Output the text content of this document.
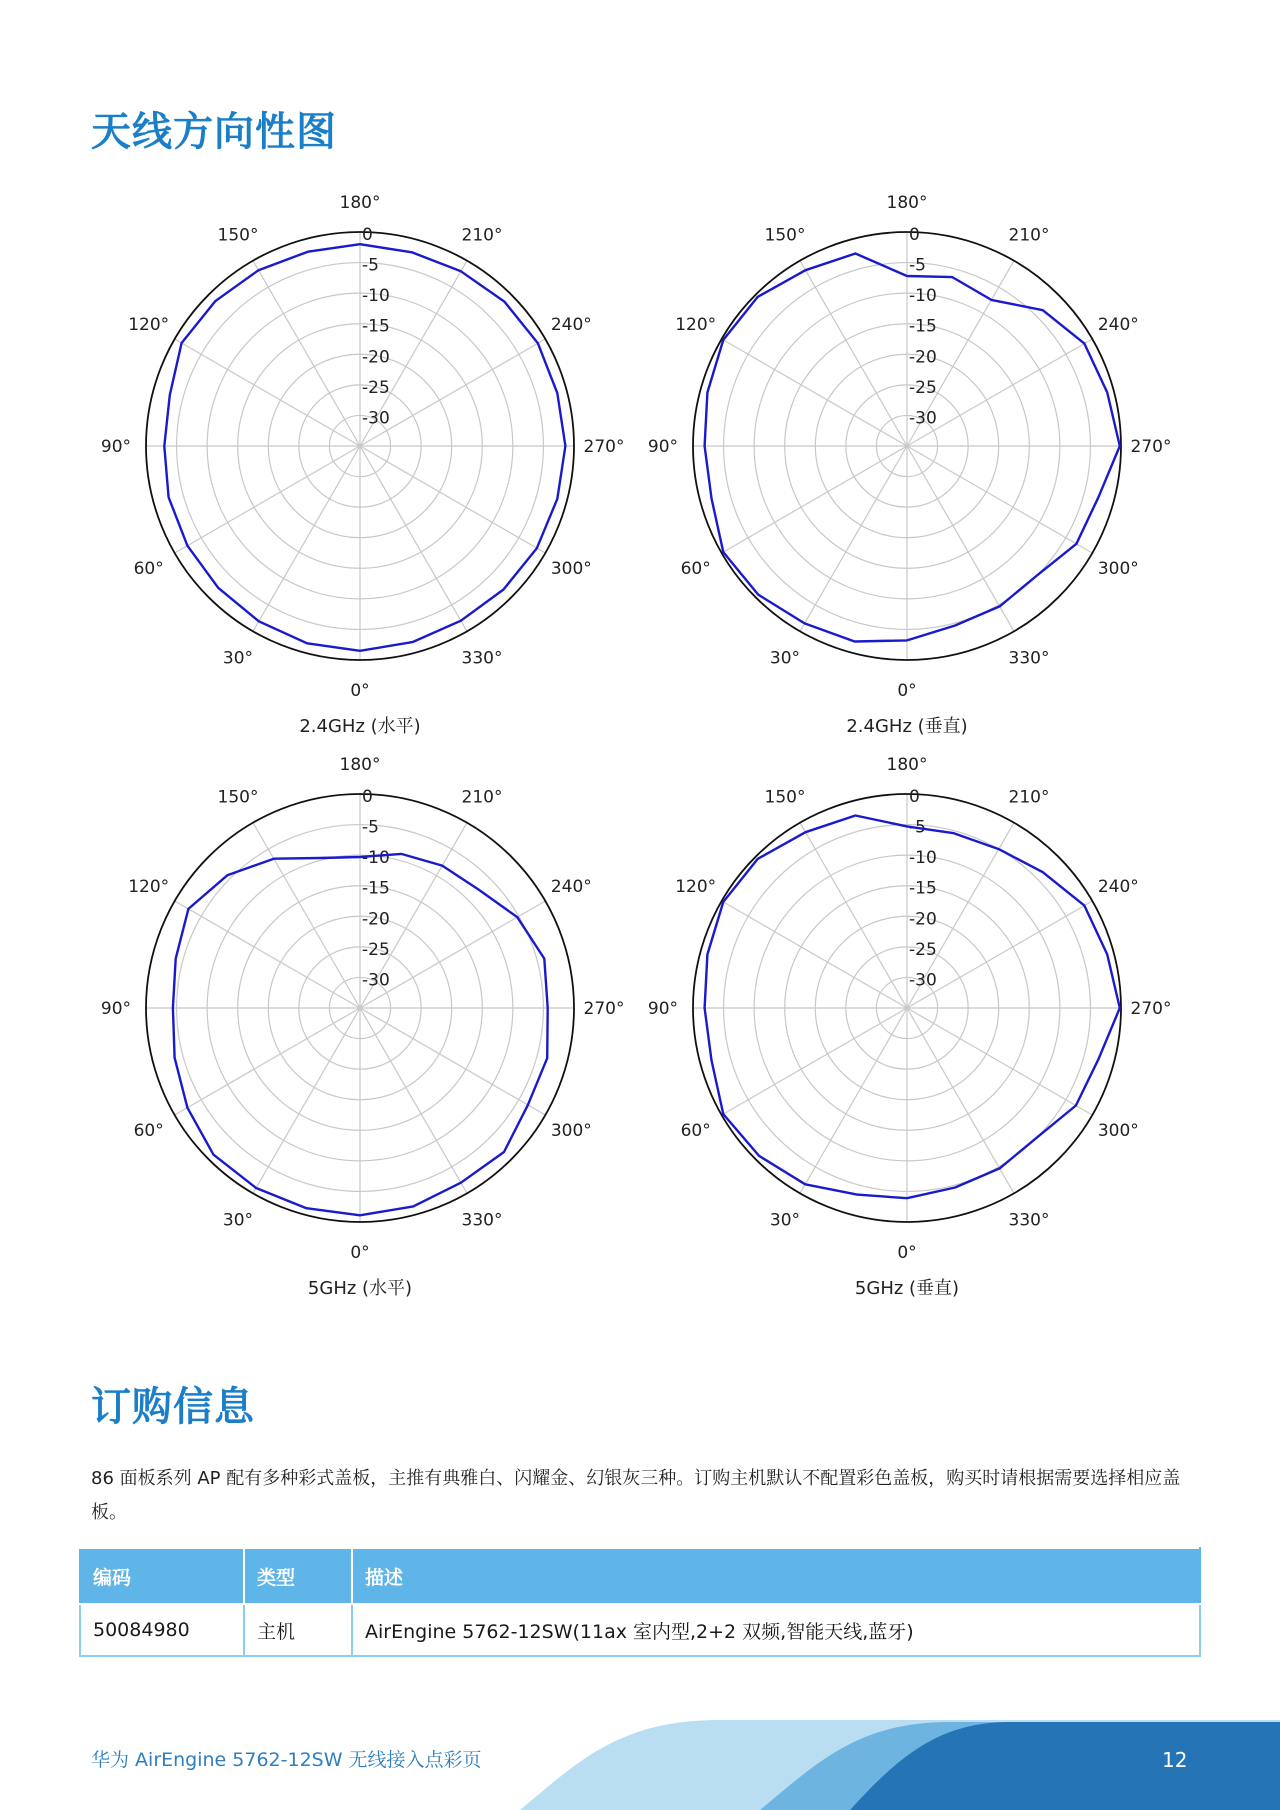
天线方向性图
180°
210°
240°
270°
300°
330°
0°
30°
60°
90°
120°
150°	0
-5
-10
-15
-20
-25
-30
2.4GHz (水平)
180°
210°
240°
270°
300°
330°
0°
30°
60°
90°
120°
150°	0
-5
-10
-15
-20
-25
-30
2.4GHz (垂直)
180°
210°
240°
270°
300°
330°
0°
30°
60°
90°
120°
150°	0
-5
-10
-15
-20
-25
-30
5GHz (水平)
180°
210°
240°
270°
300°
330°
0°
30°
60°
90°
120°
150°	0
-5
-10
-15
-20
-25
-30
5GHz (垂直)
订购信息

86 面板系列 AP 配有多种彩式盖板，主推有典雅白、闪耀金、幻银灰三种。订购主机默认不配置彩色盖板，购买时请根据需要选择相应盖板。

编码	类型	描述
50084980	主机	AirEngine 5762-12SW(11ax 室内型,2+2 双频,智能天线,蓝牙)
华为 AirEngine 5762-12SW 无线接入点彩页	12
